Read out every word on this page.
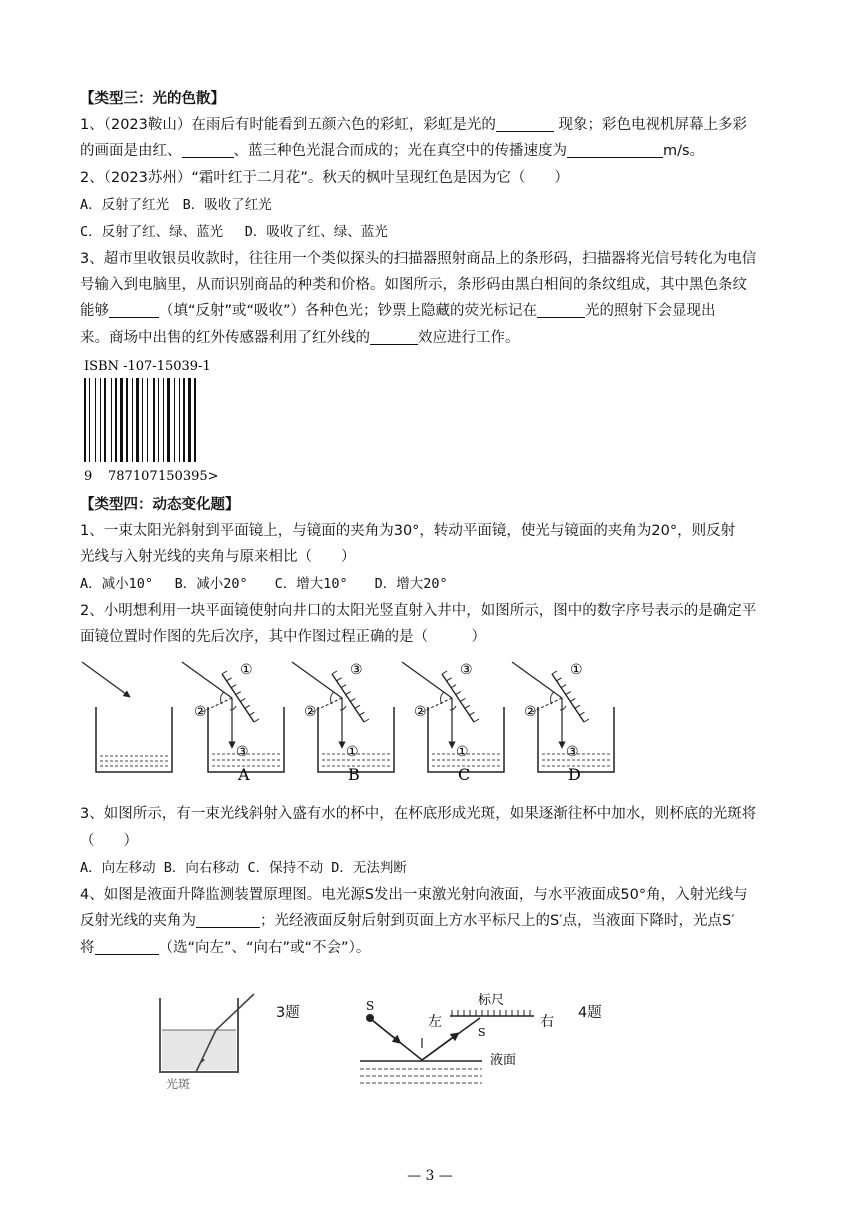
【类型三：光的色散】
1、（2023鞍山）在雨后有时能看到五颜六色的彩虹，彩虹是光的	现象；彩色电视机屏幕上多彩
的画面是由红、	、蓝三种色光混合而成的；光在真空中的传播速度为	m/s。
2、（2023苏州）“霜叶红于二月花”。秋天的枫叶呈现红色是因为它（　　）
A．反射了红光　B．吸收了红光
C．反射了红、绿、蓝光　 D．吸收了红、绿、蓝光
3、超市里收银员收款时，往往用一个类似探头的扫描器照射商品上的条形码，扫描器将光信号转化为电信
号输入到电脑里，从而识别商品的种类和价格。如图所示，条形码由黑白相间的条纹组成，其中黑色条纹
能够	（填“反射”或“吸收”）各种色光；钞票上隐藏的荧光标记在	光的照射下会显现出
来。商场中出售的红外传感器利用了红外线的	效应进行工作。
ISBN -107-15039-1
9 787107 150395>
【类型四：动态变化题】
1、一束太阳光斜射到平面镜上，与镜面的夹角为30°，转动平面镜，使光与镜面的夹角为20°，则反射
光线与入射光线的夹角与原来相比（　　）
A．减小10°　 B．减小20°　　C．增大10°　　D．增大20°
2、小明想利用一块平面镜使射向井口的太阳光竖直射入井中，如图所示，图中的数字序号表示的是确定平
面镜位置时作图的先后次序，其中作图过程正确的是（　　　）
①
②
③
A
③
②
①
B
③
②
①
C
①
②
③
D
3、如图所示，有一束光线斜射入盛有水的杯中，在杯底形成光斑，如果逐渐往杯中加水，则杯底的光斑将
（　　）
A．向左移动 B．向右移动 C．保持不动 D．无法判断
4、如图是液面升降监测装置原理图。电光源S发出一束激光射向液面，与水平液面成50°角，入射光线与
反射光线的夹角为	；光经液面反射后射到页面上方水平标尺上的S′点，当液面下降时，光点S′
将	（选“向左”、“向右”或“不会”）。
光斑
3题
标尺
左	右
S
S
液面
4题
— 3 —
